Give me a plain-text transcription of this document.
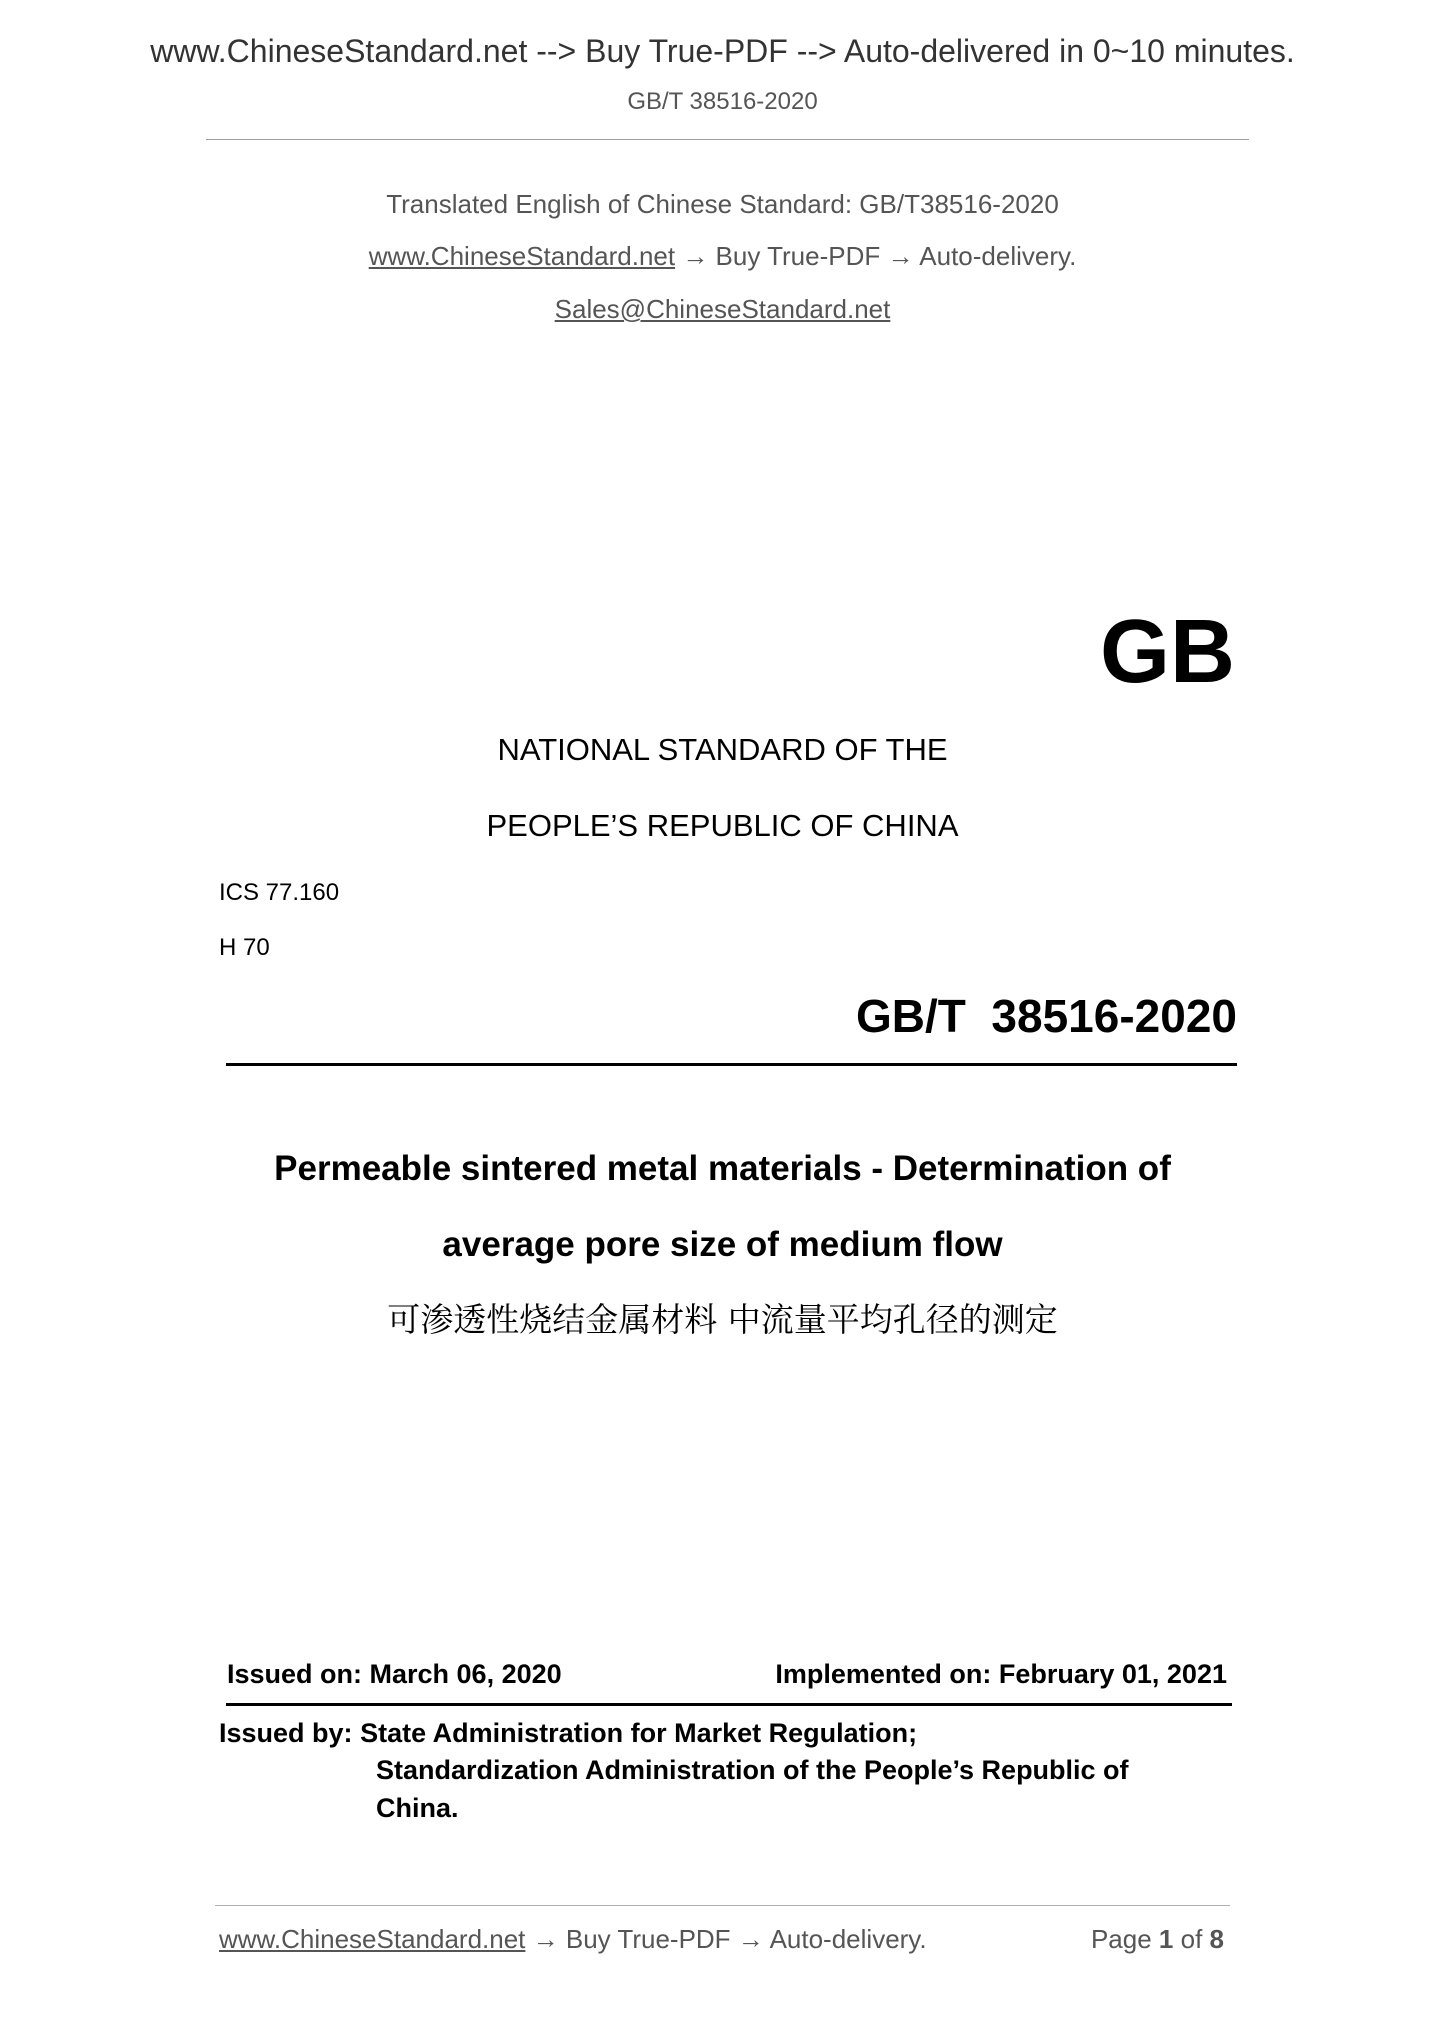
www.ChineseStandard.net --> Buy True-PDF --> Auto-delivered in 0~10 minutes.
GB/T 38516-2020
Translated English of Chinese Standard: GB/T38516-2020
www.ChineseStandard.net → Buy True-PDF → Auto-delivery.
Sales@ChineseStandard.net
GB
NATIONAL STANDARD OF THE
PEOPLE’S REPUBLIC OF CHINA
ICS 77.160
H 70
GB/T  38516-2020
Permeable sintered metal materials - Determination of
average pore size of medium flow
可渗透性烧结金属材料 中流量平均孔径的测定
Issued on: March 06, 2020	Implemented on: February 01, 2021
Issued by: State Administration for Market Regulation;
Standardization Administration of the People’s Republic of
China.
www.ChineseStandard.net → Buy True-PDF → Auto-delivery.	Page 1 of 8
